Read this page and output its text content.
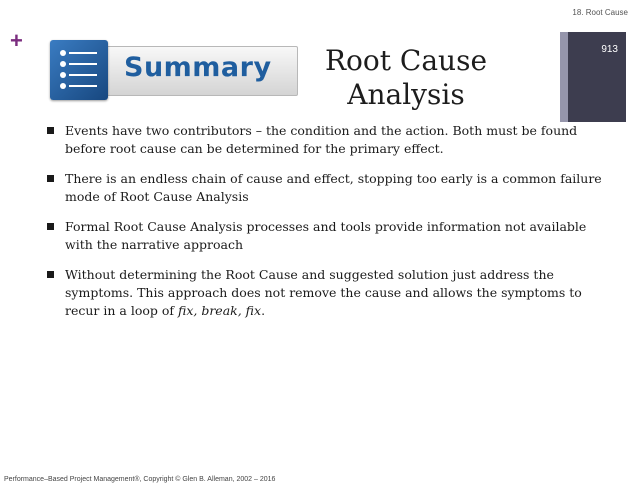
18. Root Cause
+
Summary	Root Cause
Analysis
913
Events have two contributors – the condition and the action. Both must be found before root cause can be determined for the primary effect.
There is an endless chain of cause and effect, stopping too early is a common failure mode of Root Cause Analysis
Formal Root Cause Analysis processes and tools provide information not available with the narrative approach
Without determining the Root Cause and suggested solution just address the symptoms. This approach does not remove the cause and allows the symptoms to recur in a loop of fix, break, fix.
Performance–Based Project Management®, Copyright © Glen B. Alleman, 2002 – 2016
